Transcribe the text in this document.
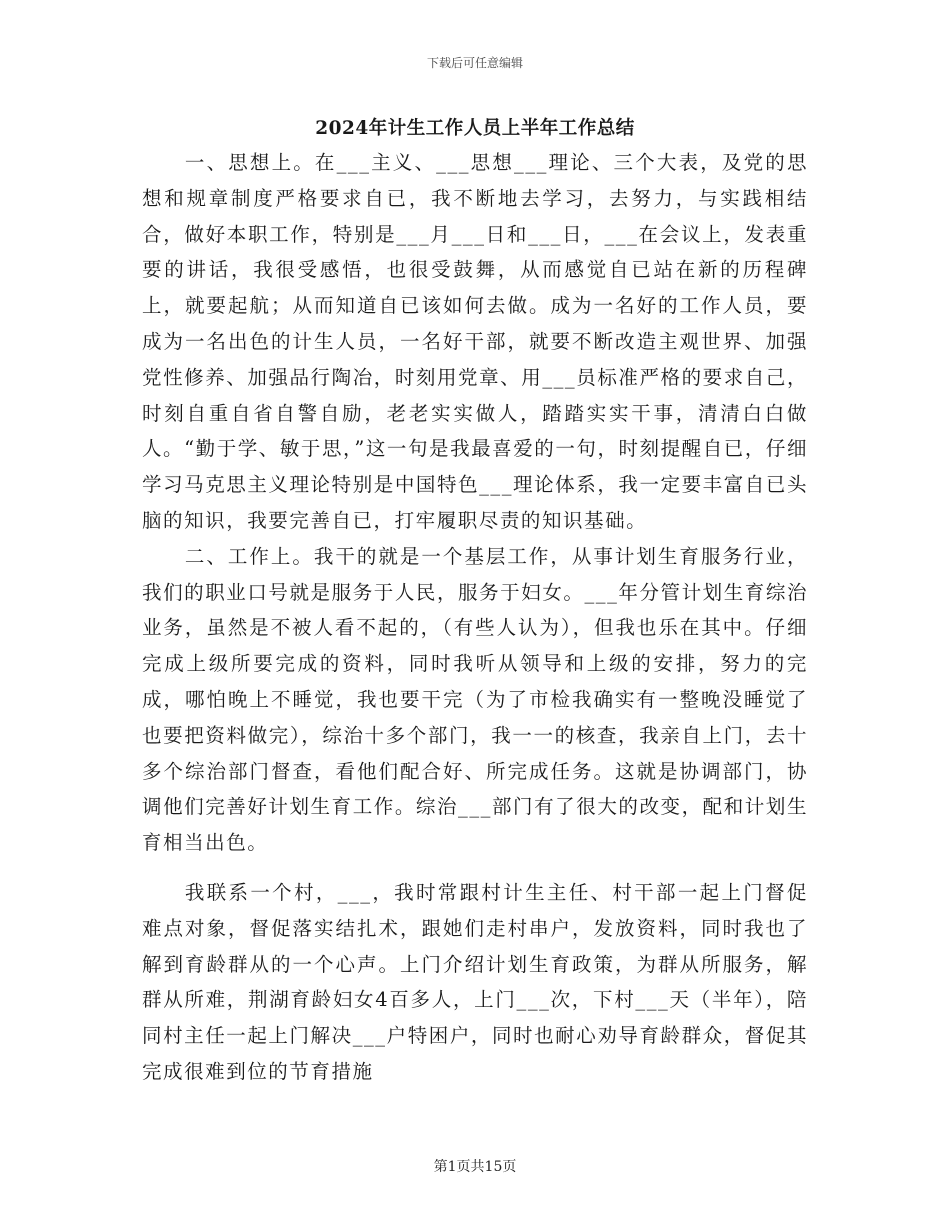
下载后可任意编辑
2024年计生工作人员上半年工作总结

一、思想上。在___主义、___思想___理论、三个大表，及党的思想和规章制度严格要求自已，我不断地去学习，去努力，与实践相结合，做好本职工作，特别是___月___日和___日，___在会议上，发表重要的讲话，我很受感悟，也很受鼓舞，从而感觉自已站在新的历程碑上，就要起航；从而知道自已该如何去做。成为一名好的工作人员，要成为一名出色的计生人员，一名好干部，就要不断改造主观世界、加强党性修养、加强品行陶冶，时刻用党章、用___员标准严格的要求自己，时刻自重自省自警自励，老老实实做人，踏踏实实干事，清清白白做人。“勤于学、敏于思，”这一句是我最喜爱的一句，时刻提醒自已，仔细学习马克思主义理论特别是中国特色___理论体系，我一定要丰富自已头脑的知识，我要完善自已，打牢履职尽责的知识基础。

二、工作上。我干的就是一个基层工作，从事计划生育服务行业，我们的职业口号就是服务于人民，服务于妇女。___年分管计划生育综治业务，虽然是不被人看不起的，（有些人认为），但我也乐在其中。仔细完成上级所要完成的资料，同时我听从领导和上级的安排，努力的完成，哪怕晚上不睡觉，我也要干完（为了市检我确实有一整晚没睡觉了也要把资料做完），综治十多个部门，我一一的核查，我亲自上门，去十多个综治部门督查，看他们配合好、所完成任务。这就是协调部门，协调他们完善好计划生育工作。综治___部门有了很大的改变，配和计划生育相当出色。

我联系一个村，___，我时常跟村计生主任、村干部一起上门督促难点对象，督促落实结扎术，跟她们走村串户，发放资料，同时我也了解到育龄群从的一个心声。上门介绍计划生育政策，为群从所服务，解群从所难，荆湖育龄妇女4百多人，上门___次，下村___天（半年），陪同村主任一起上门解决___户特困户，同时也耐心劝导育龄群众，督促其完成很难到位的节育措施

第1页共15页
